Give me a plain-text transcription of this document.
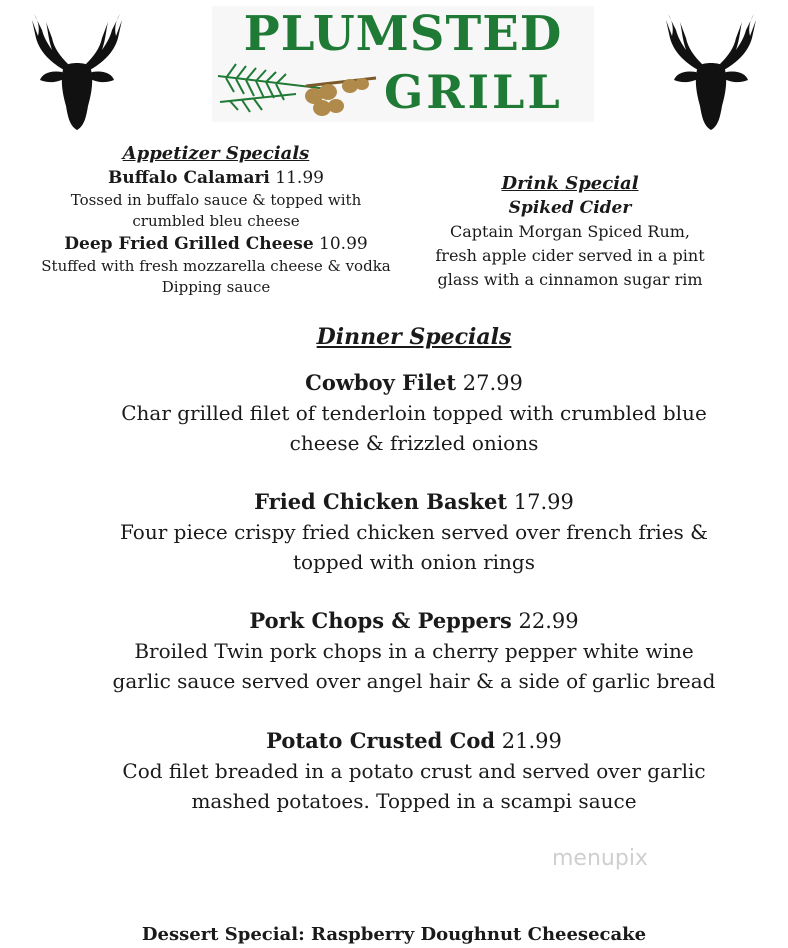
PLUMSTED
GRILL
Appetizer Specials
Buffalo Calamari 11.99
Tossed in buffalo sauce & topped with
crumbled bleu cheese
Deep Fried Grilled Cheese 10.99
Stuffed with fresh mozzarella cheese & vodka
Dipping sauce
Drink Special
Spiked Cider
Captain Morgan Spiced Rum,
fresh apple cider served in a pint
glass with a cinnamon sugar rim
Dinner Specials
Cowboy Filet 27.99
Char grilled filet of tenderloin topped with crumbled blue
cheese & frizzled onions
Fried Chicken Basket 17.99
Four piece crispy fried chicken served over french fries &
topped with onion rings
Pork Chops & Peppers 22.99
Broiled Twin pork chops in a cherry pepper white wine
garlic sauce served over angel hair & a side of garlic bread
Potato Crusted Cod 21.99
Cod filet breaded in a potato crust and served over garlic
mashed potatoes. Topped in a scampi sauce
menupix
Dessert Special: Raspberry Doughnut Cheesecake
